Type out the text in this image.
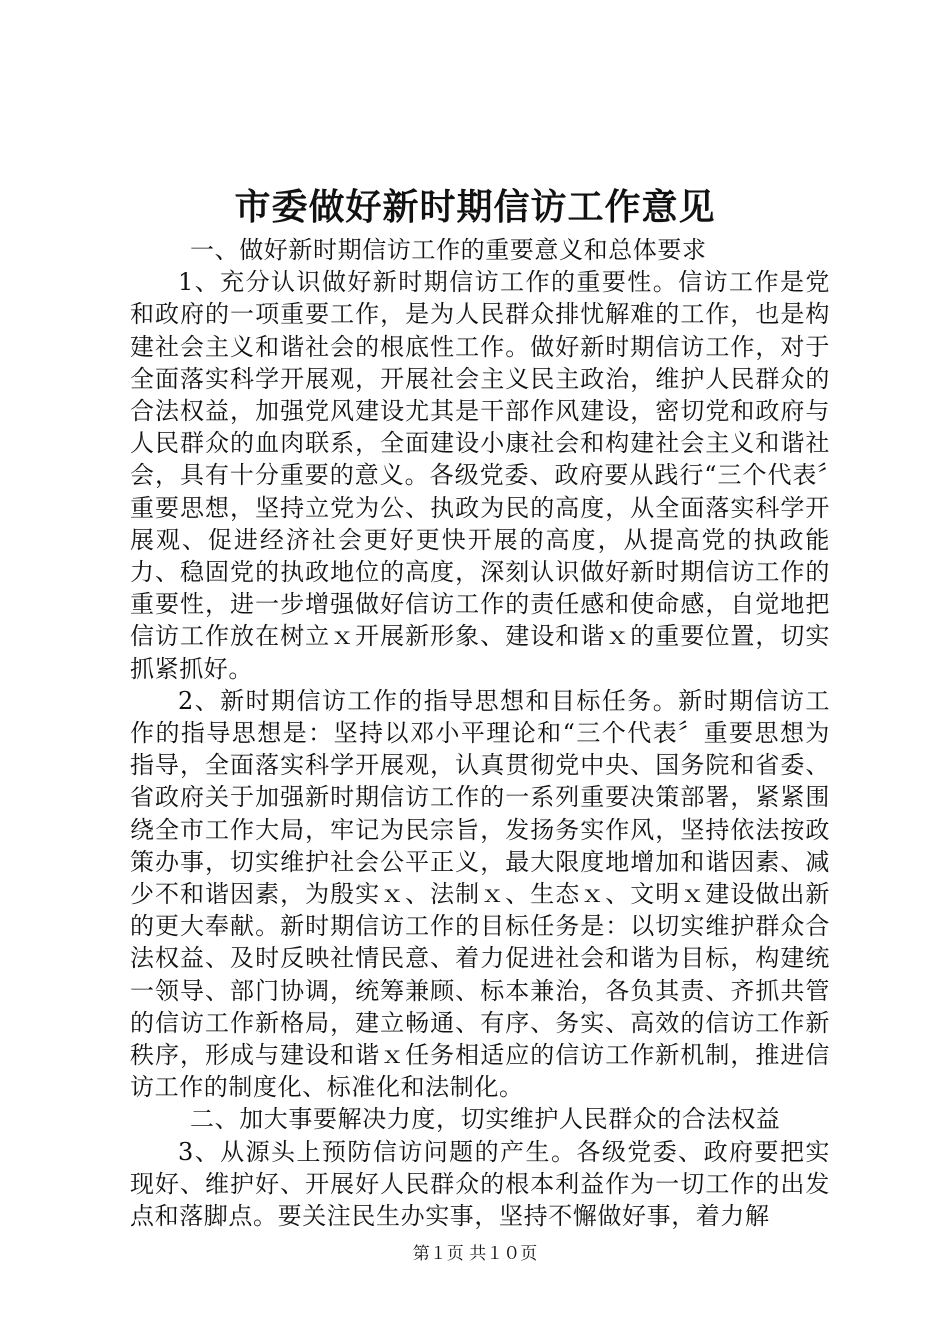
市委做好新时期信访工作意见

一、做好新时期信访工作的重要意义和总体要求

1、充分认识做好新时期信访工作的重要性。信访工作是党和政府的一项重要工作，是为人民群众排忧解难的工作，也是构建社会主义和谐社会的根底性工作。做好新时期信访工作，对于全面落实科学开展观，开展社会主义民主政治，维护人民群众的合法权益，加强党风建设尤其是干部作风建设，密切党和政府与人民群众的血肉联系，全面建设小康社会和构建社会主义和谐社会，具有十分重要的意义。各级党委、政府要从践行“三个代表〞重要思想，坚持立党为公、执政为民的高度，从全面落实科学开展观、促进经济社会更好更快开展的高度，从提高党的执政能力、稳固党的执政地位的高度，深刻认识做好新时期信访工作的重要性，进一步增强做好信访工作的责任感和使命感，自觉地把信访工作放在树立ｘ开展新形象、建设和谐ｘ的重要位置，切实抓紧抓好。

2、新时期信访工作的指导思想和目标任务。新时期信访工作的指导思想是：坚持以邓小平理论和“三个代表〞重要思想为指导，全面落实科学开展观，认真贯彻党中央、国务院和省委、省政府关于加强新时期信访工作的一系列重要决策部署，紧紧围绕全市工作大局，牢记为民宗旨，发扬务实作风，坚持依法按政策办事，切实维护社会公平正义，最大限度地增加和谐因素、减少不和谐因素，为殷实ｘ、法制ｘ、生态ｘ、文明ｘ建设做出新的更大奉献。新时期信访工作的目标任务是：以切实维护群众合法权益、及时反映社情民意、着力促进社会和谐为目标，构建统一领导、部门协调，统筹兼顾、标本兼治，各负其责、齐抓共管的信访工作新格局，建立畅通、有序、务实、高效的信访工作新秩序，形成与建设和谐ｘ任务相适应的信访工作新机制，推进信访工作的制度化、标准化和法制化。

二、加大事要解决力度，切实维护人民群众的合法权益

3、从源头上预防信访问题的产生。各级党委、政府要把实现好、维护好、开展好人民群众的根本利益作为一切工作的出发点和落脚点。要关注民生办实事，坚持不懈做好事，着力解

第１页 共１０页
